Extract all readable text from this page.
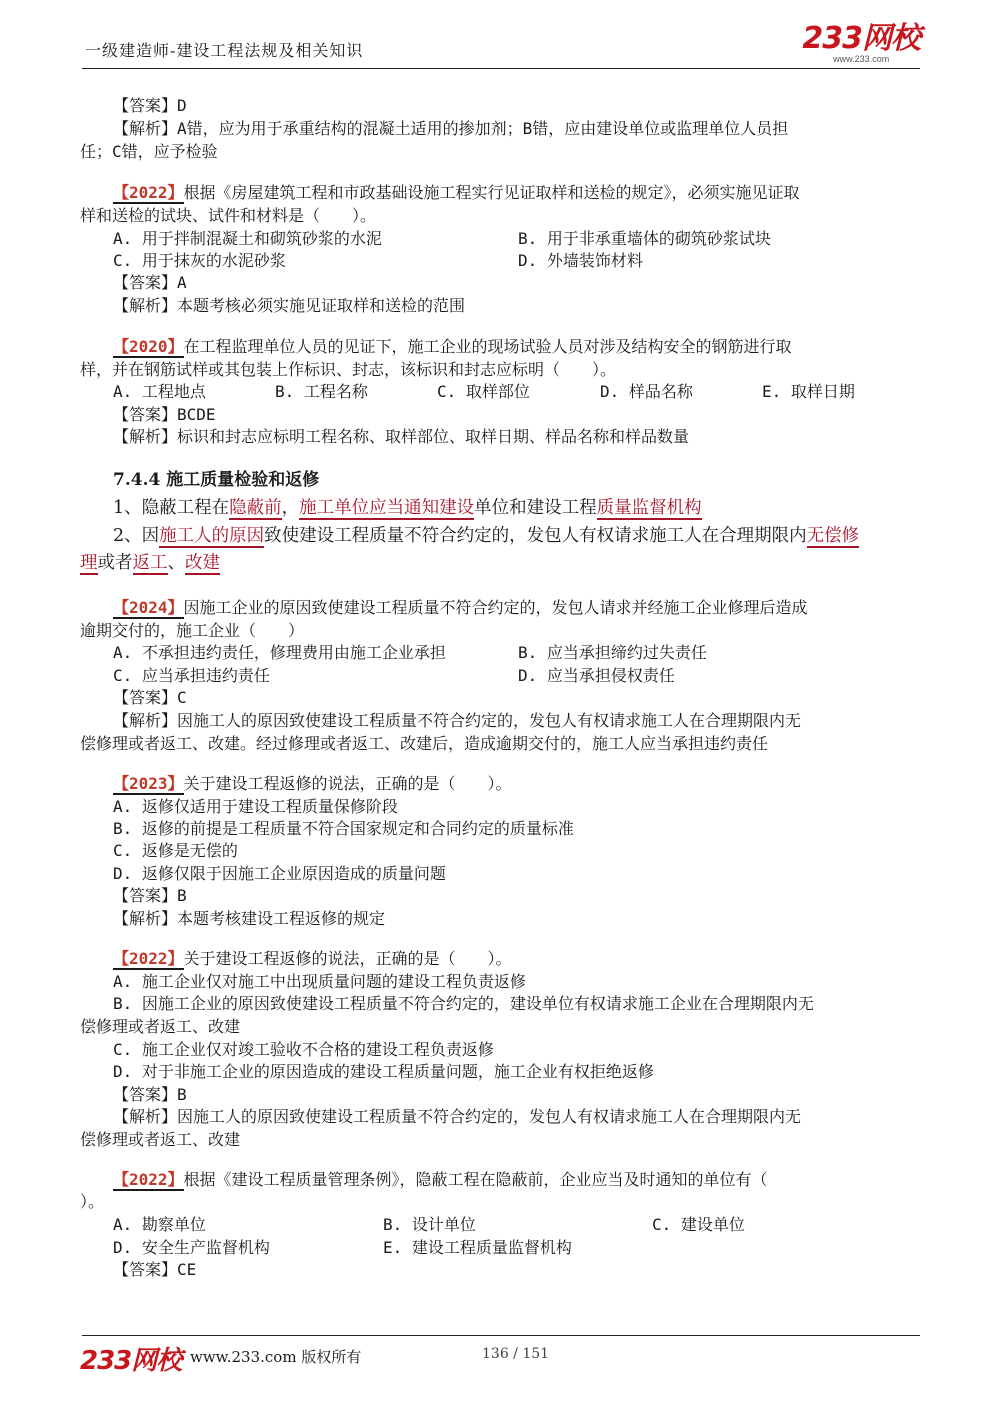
一级建造师-建设工程法规及相关知识	233网校
www.233.com
【答案】D
【解析】A错，应为用于承重结构的混凝土适用的掺加剂；B错，应由建设单位或监理单位人员担
任；C错，应予检验
【2022】根据《房屋建筑工程和市政基础设施工程实行见证取样和送检的规定》，必须实施见证取
样和送检的试块、试件和材料是（　　）。
A. 用于拌制混凝土和砌筑砂浆的水泥	B. 用于非承重墙体的砌筑砂浆试块
C. 用于抹灰的水泥砂浆	D. 外墙装饰材料
【答案】A
【解析】本题考核必须实施见证取样和送检的范围
【2020】在工程监理单位人员的见证下，施工企业的现场试验人员对涉及结构安全的钢筋进行取
样，并在钢筋试样或其包装上作标识、封志，该标识和封志应标明（　　）。
A. 工程地点	B. 工程名称	C. 取样部位	D. 样品名称	E. 取样日期
【答案】BCDE
【解析】标识和封志应标明工程名称、取样部位、取样日期、样品名称和样品数量
7.4.4 施工质量检验和返修
1、隐蔽工程在隐蔽前，施工单位应当通知建设单位和建设工程质量监督机构
2、因施工人的原因致使建设工程质量不符合约定的，发包人有权请求施工人在合理期限内无偿修
理或者返工、改建
【2024】因施工企业的原因致使建设工程质量不符合约定的，发包人请求并经施工企业修理后造成
逾期交付的，施工企业（　　）
A. 不承担违约责任，修理费用由施工企业承担	B. 应当承担缔约过失责任
C. 应当承担违约责任	D. 应当承担侵权责任
【答案】C
【解析】因施工人的原因致使建设工程质量不符合约定的，发包人有权请求施工人在合理期限内无
偿修理或者返工、改建。经过修理或者返工、改建后，造成逾期交付的，施工人应当承担违约责任
【2023】关于建设工程返修的说法，正确的是（　　）。
A. 返修仅适用于建设工程质量保修阶段
B. 返修的前提是工程质量不符合国家规定和合同约定的质量标准
C. 返修是无偿的
D. 返修仅限于因施工企业原因造成的质量问题
【答案】B
【解析】本题考核建设工程返修的规定
【2022】关于建设工程返修的说法，正确的是（　　）。
A. 施工企业仅对施工中出现质量问题的建设工程负责返修
B. 因施工企业的原因致使建设工程质量不符合约定的，建设单位有权请求施工企业在合理期限内无
偿修理或者返工、改建
C. 施工企业仅对竣工验收不合格的建设工程负责返修
D. 对于非施工企业的原因造成的建设工程质量问题，施工企业有权拒绝返修
【答案】B
【解析】因施工人的原因致使建设工程质量不符合约定的，发包人有权请求施工人在合理期限内无
偿修理或者返工、改建
【2022】根据《建设工程质量管理条例》，隐蔽工程在隐蔽前，企业应当及时通知的单位有（
）。
A. 勘察单位	B. 设计单位	C. 建设单位
D. 安全生产监督机构	E. 建设工程质量监督机构
【答案】CE
233网校 www.233.com 版权所有	136 / 151
